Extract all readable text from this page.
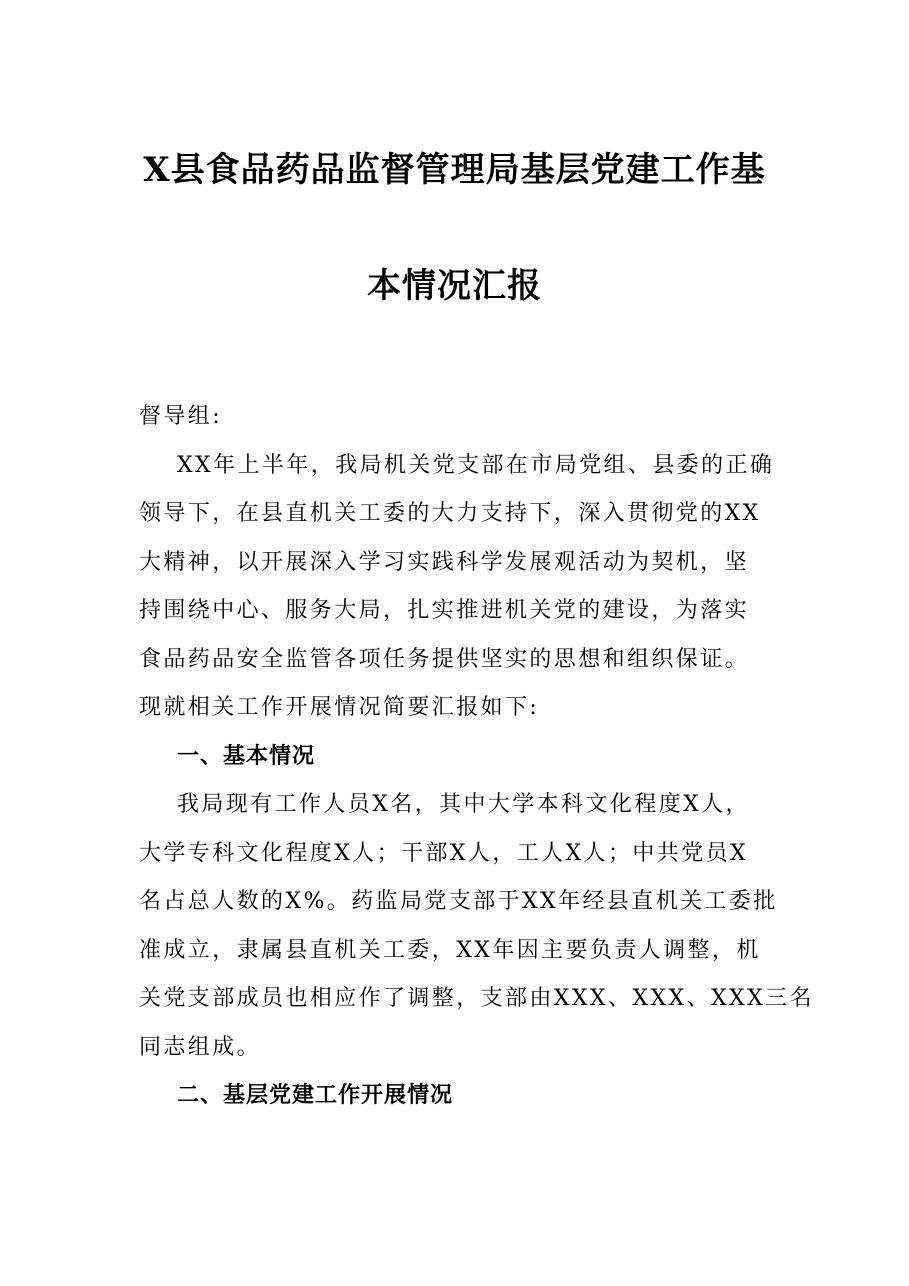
X县食品药品监督管理局基层党建工作基
本情况汇报
督导组:
XX年上半年，我局机关党支部在市局党组、县委的正确
领导下，在县直机关工委的大力支持下，深入贯彻党的XX
大精神，以开展深入学习实践科学发展观活动为契机，坚
持围绕中心、服务大局，扎实推进机关党的建设，为落实
食品药品安全监管各项任务提供坚实的思想和组织保证。
现就相关工作开展情况简要汇报如下:
一、基本情况
我局现有工作人员X名，其中大学本科文化程度X人，
大学专科文化程度X人；干部X人，工人X人；中共党员X
名占总人数的X%。药监局党支部于XX年经县直机关工委批
准成立，隶属县直机关工委，XX年因主要负责人调整，机
关党支部成员也相应作了调整，支部由XXX、XXX、XXX三名
同志组成。
二、基层党建工作开展情况
